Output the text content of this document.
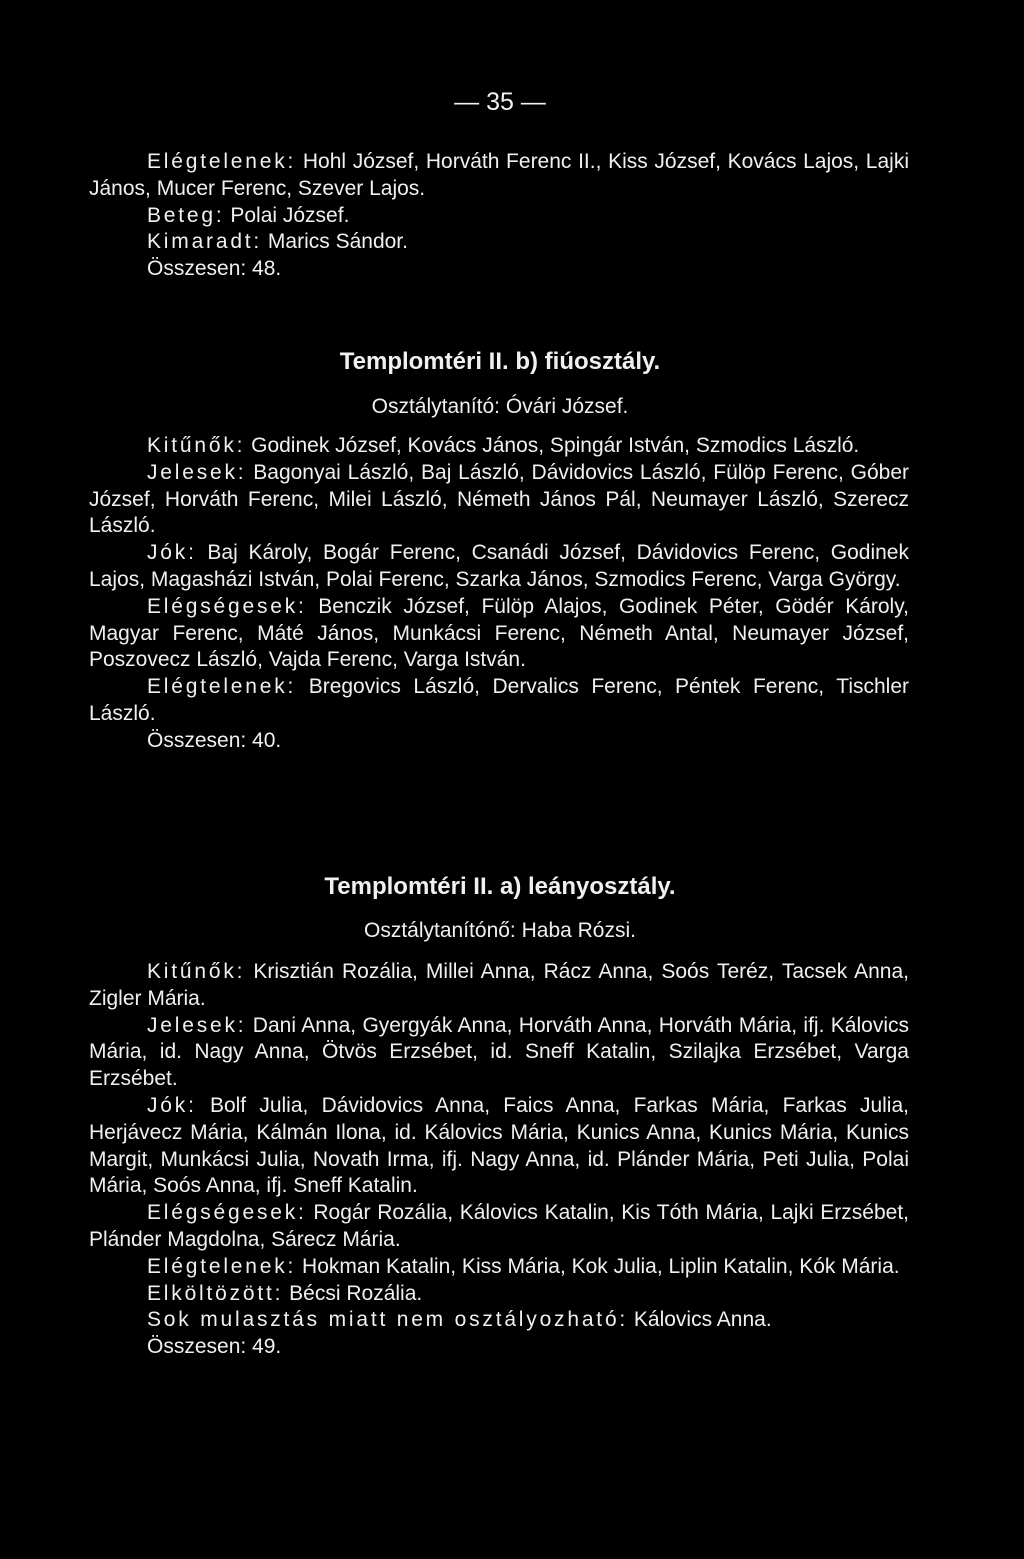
— 35 —

Elégtelenek: Hohl József, Horváth Ferenc II., Kiss József, Kovács Lajos, Lajki János, Mucer Ferenc, Szever Lajos.

Beteg: Polai József.

Kimaradt: Marics Sándor.

Összesen: 48.

Templomtéri II. b) fiúosztály.
Osztálytanító: Óvári József.

Kitűnők: Godinek József, Kovács János, Spingár István, Szmodics László.

Jelesek: Bagonyai László, Baj László, Dávidovics László, Fülöp Ferenc, Góber József, Horváth Ferenc, Milei László, Németh János Pál, Neumayer László, Szerecz László.

Jók: Baj Károly, Bogár Ferenc, Csanádi József, Dávidovics Ferenc, Godinek Lajos, Magasházi István, Polai Ferenc, Szarka János, Szmodics Ferenc, Varga György.

Elégségesek: Benczik József, Fülöp Alajos, Godinek Péter, Gödér Károly, Magyar Ferenc, Máté János, Munkácsi Ferenc, Németh Antal, Neumayer József, Poszovecz László, Vajda Ferenc, Varga István.

Elégtelenek: Bregovics László, Dervalics Ferenc, Péntek Ferenc, Tischler László.

Összesen: 40.

Templomtéri II. a) leányosztály.
Osztálytanítónő: Haba Rózsi.

Kitűnők: Krisztián Rozália, Millei Anna, Rácz Anna, Soós Teréz, Tacsek Anna, Zigler Mária.

Jelesek: Dani Anna, Gyergyák Anna, Horváth Anna, Horváth Mária, ifj. Kálovics Mária, id. Nagy Anna, Ötvös Erzsébet, id. Sneff Katalin, Szilajka Erzsébet, Varga Erzsébet.

Jók: Bolf Julia, Dávidovics Anna, Faics Anna, Farkas Mária, Farkas Julia, Herjávecz Mária, Kálmán Ilona, id. Kálovics Mária, Kunics Anna, Kunics Mária, Kunics Margit, Munkácsi Julia, Novath Irma, ifj. Nagy Anna, id. Plánder Mária, Peti Julia, Polai Mária, Soós Anna, ifj. Sneff Katalin.

Elégségesek: Rogár Rozália, Kálovics Katalin, Kis Tóth Mária, Lajki Erzsébet, Plánder Magdolna, Sárecz Mária.

Elégtelenek: Hokman Katalin, Kiss Mária, Kok Julia, Liplin Katalin, Kók Mária.

Elköltözött: Bécsi Rozália.

Sok mulasztás miatt nem osztályozható: Kálovics Anna.

Összesen: 49.
